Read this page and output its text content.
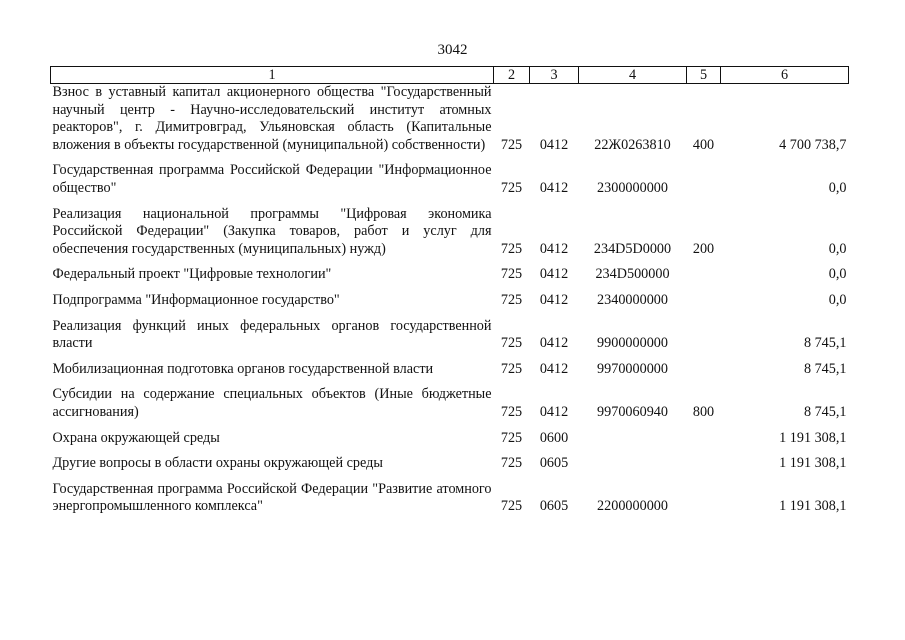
3042
1	2	3	4	5	6
Взнос в уставный капитал акционерного общества "Государственный научный центр - Научно-исследовательский институт атомных реакторов", г. Димитровград, Ульяновская область (Капитальные вложения в объекты государственной (муниципальной) собственности)	725	0412	22Ж0263810	400	4 700 738,7
Государственная программа Российской Федерации "Информационное общество"	725	0412	2300000000		0,0
Реализация национальной программы "Цифровая экономика Российской Федерации" (Закупка товаров, работ и услуг для обеспечения государственных (муниципальных) нужд)	725	0412	234D5D0000	200	0,0
Федеральный проект "Цифровые технологии"	725	0412	234D500000		0,0
Подпрограмма "Информационное государство"	725	0412	2340000000		0,0
Реализация функций иных федеральных органов государственной власти	725	0412	9900000000		8 745,1
Мобилизационная подготовка органов государственной власти	725	0412	9970000000		8 745,1
Субсидии на содержание специальных объектов (Иные бюджетные ассигнования)	725	0412	9970060940	800	8 745,1
Охрана окружающей среды	725	0600			1 191 308,1
Другие вопросы в области охраны окружающей среды	725	0605			1 191 308,1
Государственная программа Российской Федерации "Развитие атомного энергопромышленного комплекса"	725	0605	2200000000		1 191 308,1
